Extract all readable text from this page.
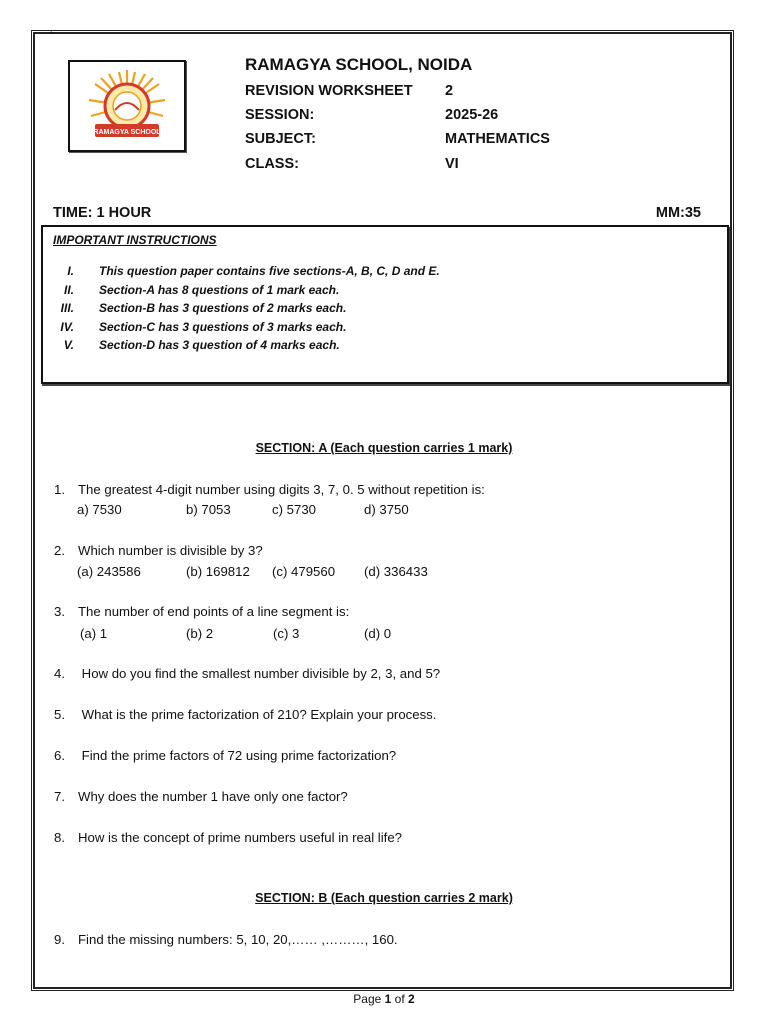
`
RAMAGYA SCHOOL
RAMAGYA SCHOOL, NOIDA
REVISION WORKSHEET 2
SESSION:	2025-26
SUBJECT:	MATHEMATICS
CLASS:	VI
TIME: 1 HOUR	MM:35
IMPORTANT INSTRUCTIONS
I. This question paper contains five sections-A, B, C, D and E.
II. Section-A has 8 questions of 1 mark each.
III. Section-B has 3 questions of 2 marks each.
IV. Section-C has 3 questions of 3 marks each.
V. Section-D has 3 question of 4 marks each.
SECTION: A (Each question carries 1 mark)
1. The greatest 4-digit number using digits 3, 7, 0. 5 without repetition is:
a) 7530	b) 7053	c) 5730	d) 3750
2. Which number is divisible by 3?
(a) 243586	(b) 169812 (c) 479560 (d) 336433
3. The number of end points of a line segment is:
(a) 1	(b) 2	(c) 3	(d) 0
4. How do you find the smallest number divisible by 2, 3, and 5?
5. What is the prime factorization of 210? Explain your process.
6. Find the prime factors of 72 using prime factorization?
7. Why does the number 1 have only one factor?
8. How is the concept of prime numbers useful in real life?
SECTION: B (Each question carries 2 mark)
9. Find the missing numbers: 5, 10, 20,…… ,………, 160.
Page 1 of 2
